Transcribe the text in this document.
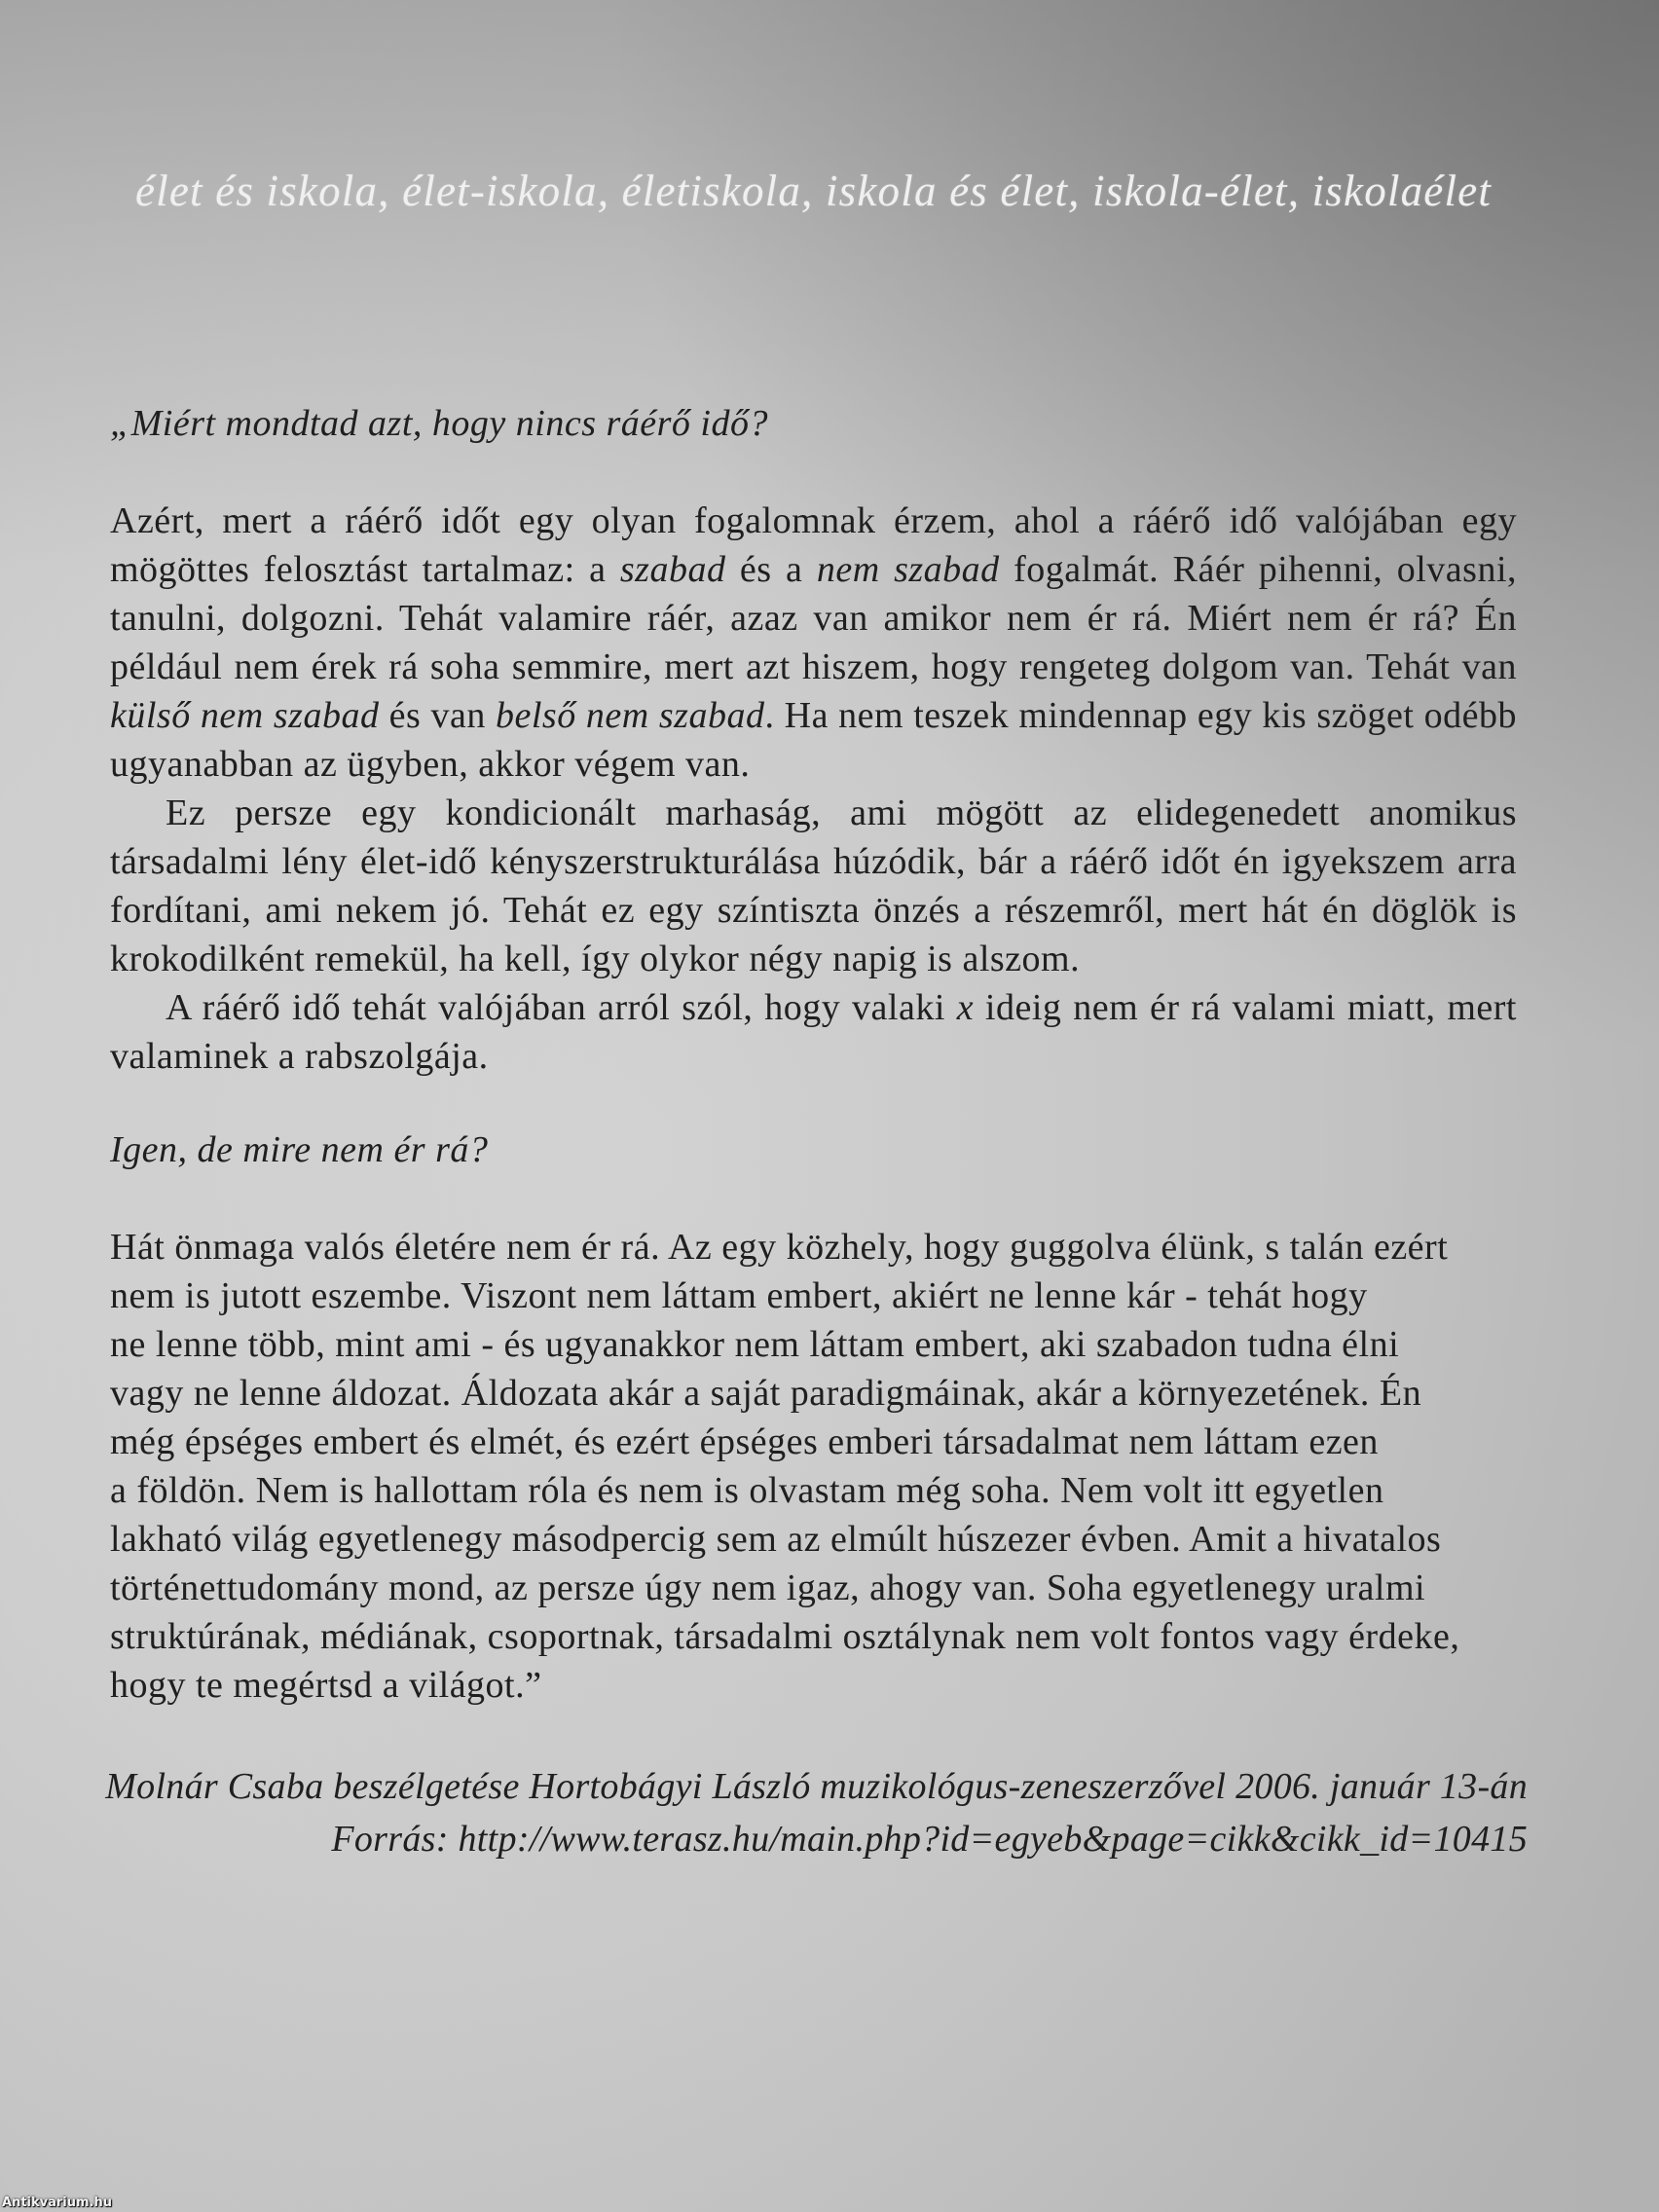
élet és iskola, élet-iskola, életiskola, iskola és élet, iskola-élet, iskolaélet
„Miért mondtad azt, hogy nincs ráérő idő?
Azért, mert a ráérő időt egy olyan fogalomnak érzem, ahol a ráérő idő valójában egy
mögöttes felosztást tartalmaz: a szabad és a nem szabad fogalmát. Ráér pihenni, olvasni,
tanulni, dolgozni. Tehát valamire ráér, azaz van amikor nem ér rá. Miért nem ér rá? Én
például nem érek rá soha semmire, mert azt hiszem, hogy rengeteg dolgom van. Tehát van
külső nem szabad és van belső nem szabad. Ha nem teszek mindennap egy kis szöget odébb
ugyanabban az ügyben, akkor végem van.
Ez persze egy kondicionált marhaság, ami mögött az elidegenedett anomikus
társadalmi lény élet-idő kényszerstrukturálása húzódik, bár a ráérő időt én igyekszem arra
fordítani, ami nekem jó. Tehát ez egy színtiszta önzés a részemről, mert hát én döglök is
krokodilként remekül, ha kell, így olykor négy napig is alszom.
A ráérő idő tehát valójában arról szól, hogy valaki x ideig nem ér rá valami miatt, mert
valaminek a rabszolgája.
Igen, de mire nem ér rá?
Hát önmaga valós életére nem ér rá. Az egy közhely, hogy guggolva élünk, s talán ezért
nem is jutott eszembe. Viszont nem láttam embert, akiért ne lenne kár - tehát hogy
ne lenne több, mint ami - és ugyanakkor nem láttam embert, aki szabadon tudna élni
vagy ne lenne áldozat. Áldozata akár a saját paradigmáinak, akár a környezetének. Én
még épséges embert és elmét, és ezért épséges emberi társadalmat nem láttam ezen
a földön. Nem is hallottam róla és nem is olvastam még soha. Nem volt itt egyetlen
lakható világ egyetlenegy másodpercig sem az elmúlt húszezer évben. Amit a hivatalos
történettudomány mond, az persze úgy nem igaz, ahogy van. Soha egyetlenegy uralmi
struktúrának, médiának, csoportnak, társadalmi osztálynak nem volt fontos vagy érdeke,
hogy te megértsd a világot.”
Molnár Csaba beszélgetése Hortobágyi László muzikológus-zeneszerzővel 2006. január 13-án
Forrás: http://www.terasz.hu/main.php?id=egyeb&page=cikk&cikk_id=10415
Antikvarium.hu
